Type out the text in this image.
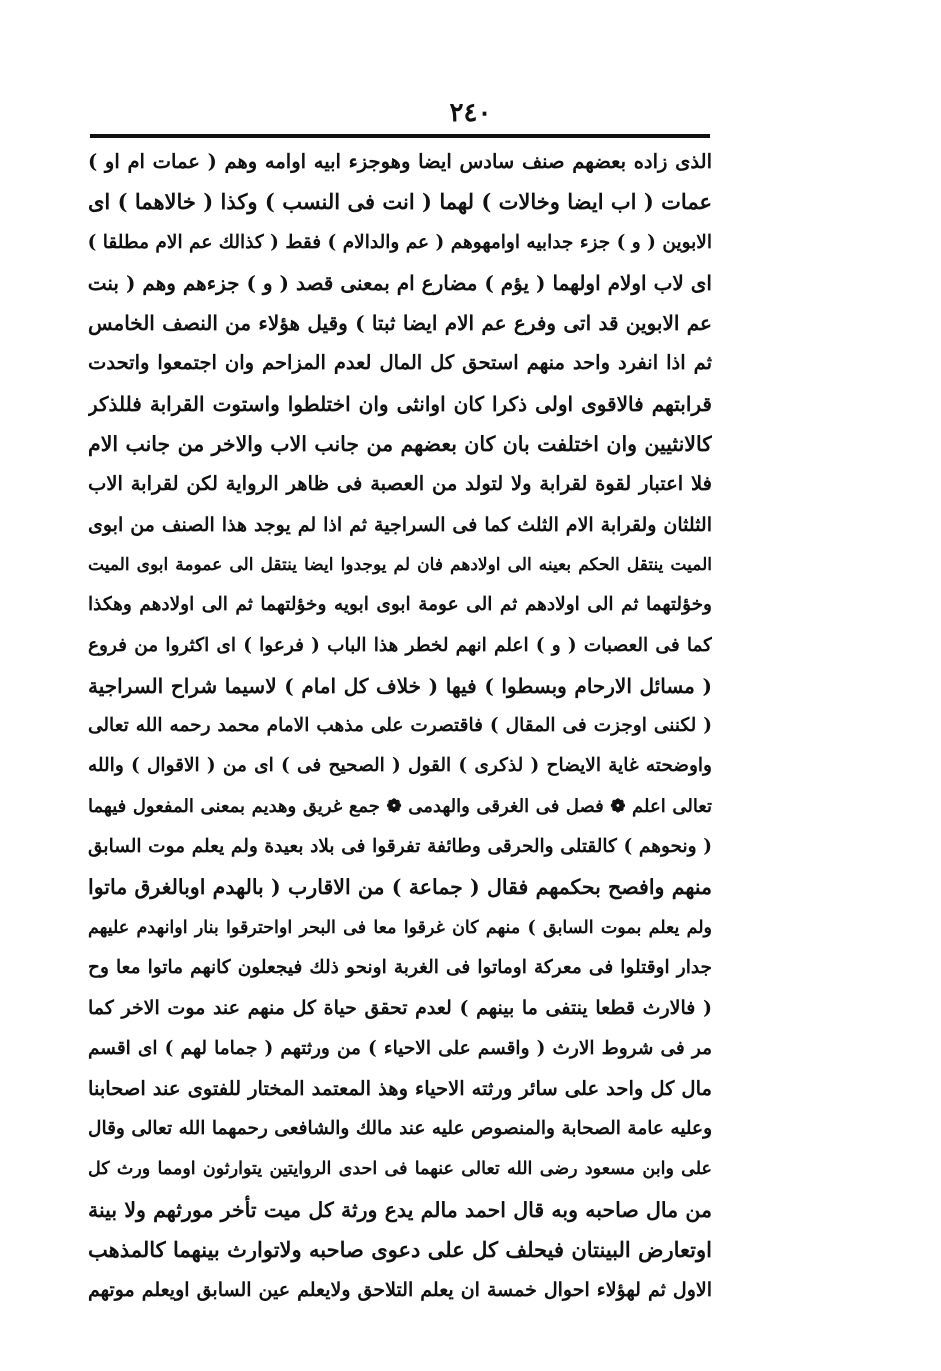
٢٤٠
الذى زاده بعضهم صنف سادس ايضا وهوجزء ابيه اوامه وهم ( عمات ام او )
عمات ( اب ايضا وخالات ) لهما ( انت فى النسب ) وكذا ( خالاهما ) اى
الابوين ( و ) جزء جدابيه اوامهوهم ( عم والدالام ) فقط ( كذالك عم الام مطلقا )
اى لاب اولام اولهما ( يؤم ) مضارع ام بمعنى قصد ( و ) جزءهم وهم ( بنت
عم الابوين قد اتى وفرع عم الام ايضا ثبتا ) وقيل هؤلاء من النصف الخامس
ثم اذا انفرد واحد منهم استحق كل المال لعدم المزاحم وان اجتمعوا واتحدت
قرابتهم فالاقوى اولى ذكرا كان اوانثى وان اختلطوا واستوت القرابة فللذكر
كالانثيين وان اختلفت بان كان بعضهم من جانب الاب والاخر من جانب الام
فلا اعتبار لقوة لقرابة ولا لتولد من العصبة فى ظاهر الرواية لكن لقرابة الاب
الثلثان ولقرابة الام الثلث كما فى السراجية ثم اذا لم يوجد هذا الصنف من ابوى
الميت ينتقل الحكم بعينه الى اولادهم فان لم يوجدوا ايضا ينتقل الى عمومة ابوى الميت
وخؤلتهما ثم الى اولادهم ثم الى عومة ابوى ابويه وخؤلتهما ثم الى اولادهم وهكذا
كما فى العصبات ( و ) اعلم انهم لخطر هذا الباب ( فرعوا ) اى اكثروا من فروع
( مسائل الارحام وبسطوا ) فيها ( خلاف كل امام ) لاسيما شراح السراجية
( لكننى اوجزت فى المقال ) فاقتصرت على مذهب الامام محمد رحمه الله تعالى
واوضحته غاية الايضاح ( لذكرى ) القول ( الصحيح فى ) اى من ( الاقوال ) والله
تعالى اعلم ❁ فصل فى الغرقى والهدمى ❁ جمع غريق وهديم بمعنى المفعول فيهما
( ونحوهم ) كالقتلى والحرقى وطائفة تفرقوا فى بلاد بعيدة ولم يعلم موت السابق
منهم وافصح بحكمهم فقال ( جماعة ) من الاقارب ( بالهدم اوبالغرق ماتوا
ولم يعلم بموت السابق ) منهم كان غرقوا معا فى البحر اواحترقوا بنار اوانهدم عليهم
جدار اوقتلوا فى معركة اوماتوا فى الغربة اونحو ذلك فيجعلون كانهم ماتوا معا وح
( فالارث قطعا ينتفى ما بينهم ) لعدم تحقق حياة كل منهم عند موت الاخر كما
مر فى شروط الارث ( واقسم على الاحياء ) من ورثتهم ( جماما لهم ) اى اقسم
مال كل واحد على سائر ورثته الاحياء وهذ المعتمد المختار للفتوى عند اصحابنا
وعليه عامة الصحابة والمنصوص عليه عند مالك والشافعى رحمهما الله تعالى وقال
على وابن مسعود رضى الله تعالى عنهما فى احدى الروايتين يتوارثون اومما ورث كل
من مال صاحبه وبه قال احمد مالم يدع ورثة كل ميت تأخر مورثهم ولا بينة
اوتعارض البينتان فيحلف كل على دعوى صاحبه ولاتوارث بينهما كالمذهب
الاول ثم لهؤلاء احوال خمسة ان يعلم التلاحق ولايعلم عين السابق اويعلم موتهم
